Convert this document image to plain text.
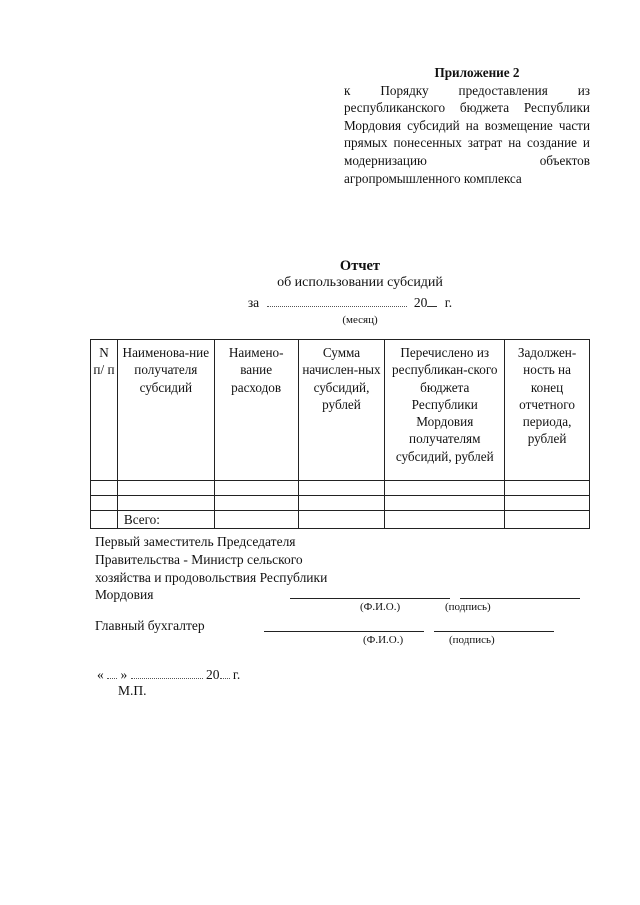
Приложение 2
к Порядку предоставления из республиканского бюджета Республики Мордовия субсидий на возмещение части прямых понесенных затрат на создание и модернизацию объектов агропромышленного комплекса
Отчет
об использовании субсидий
за	20 г.
(месяц)
N п/ п	Наименова-ние получателя субсидий	Наимено-вание расходов	Сумма начислен-ных субсидий, рублей	Перечислено из республикан-ского бюджета Республики Мордовия получателям субсидий, рублей	Задолжен-ность на конец отчетного периода, рублей

	Всего:				
Первый заместитель Председателя Правительства - Министр сельского хозяйства и продовольствия Республики Мордовия
(Ф.И.О.)	(подпись)
Главный бухгалтер
(Ф.И.О.)	(подпись)
« »	20 г.
М.П.
